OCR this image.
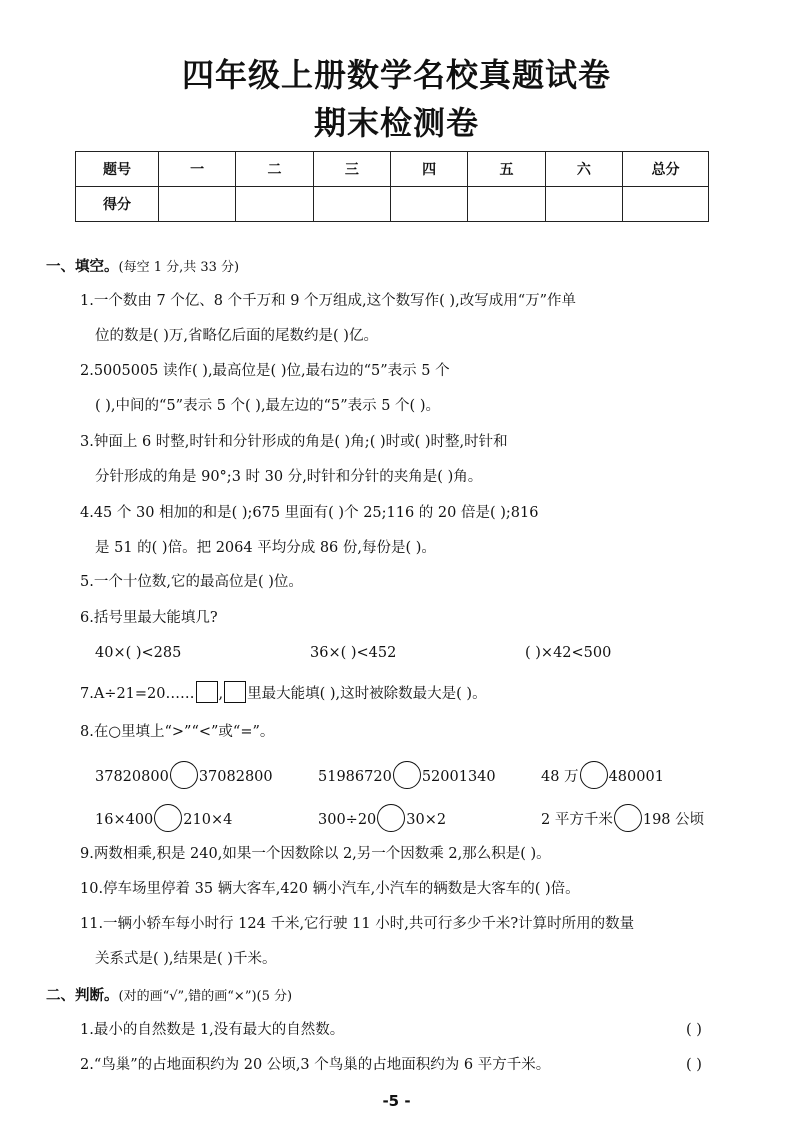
四年级上册数学名校真题试卷
期末检测卷
题号	一	二	三	四	五	六	总分
得分							
一、填空。(每空 1 分,共 33 分)
1.一个数由 7 个亿、8 个千万和 9 个万组成,这个数写作( ),改写成用“万”作单
位的数是( )万,省略亿后面的尾数约是( )亿。
2.5005005 读作( ),最高位是( )位,最右边的“5”表示 5 个
( ),中间的“5”表示 5 个( ),最左边的“5”表示 5 个( )。
3.钟面上 6 时整,时针和分针形成的角是( )角;( )时或( )时整,时针和
分针形成的角是 90°;3 时 30 分,时针和分针的夹角是( )角。
4.45 个 30 相加的和是( );675 里面有( )个 25;116 的 20 倍是( );816
是 51 的( )倍。把 2064 平均分成 86 份,每份是( )。
5.一个十位数,它的最高位是( )位。
6.括号里最大能填几?
40×( )<285	36×( )<452	( )×42<500
7.A÷21=20…… , 里最大能填( ),这时被除数最大是( )。
8.在○里填上“>”“<”或“=”。
37820800 37082800	51986720 52001340	48 万 480001
16×400 210×4	300÷20 30×2	2 平方千米 198 公顷
9.两数相乘,积是 240,如果一个因数除以 2,另一个因数乘 2,那么积是( )。
10.停车场里停着 35 辆大客车,420 辆小汽车,小汽车的辆数是大客车的( )倍。
11.一辆小轿车每小时行 124 千米,它行驶 11 小时,共可行多少千米?计算时所用的数量
关系式是( ),结果是( )千米。
二、判断。(对的画“√”,错的画“×”)(5 分)
1.最小的自然数是 1,没有最大的自然数。	( )
2.“鸟巢”的占地面积约为 20 公顷,3 个鸟巢的占地面积约为 6 平方千米。	( )
-5 -
